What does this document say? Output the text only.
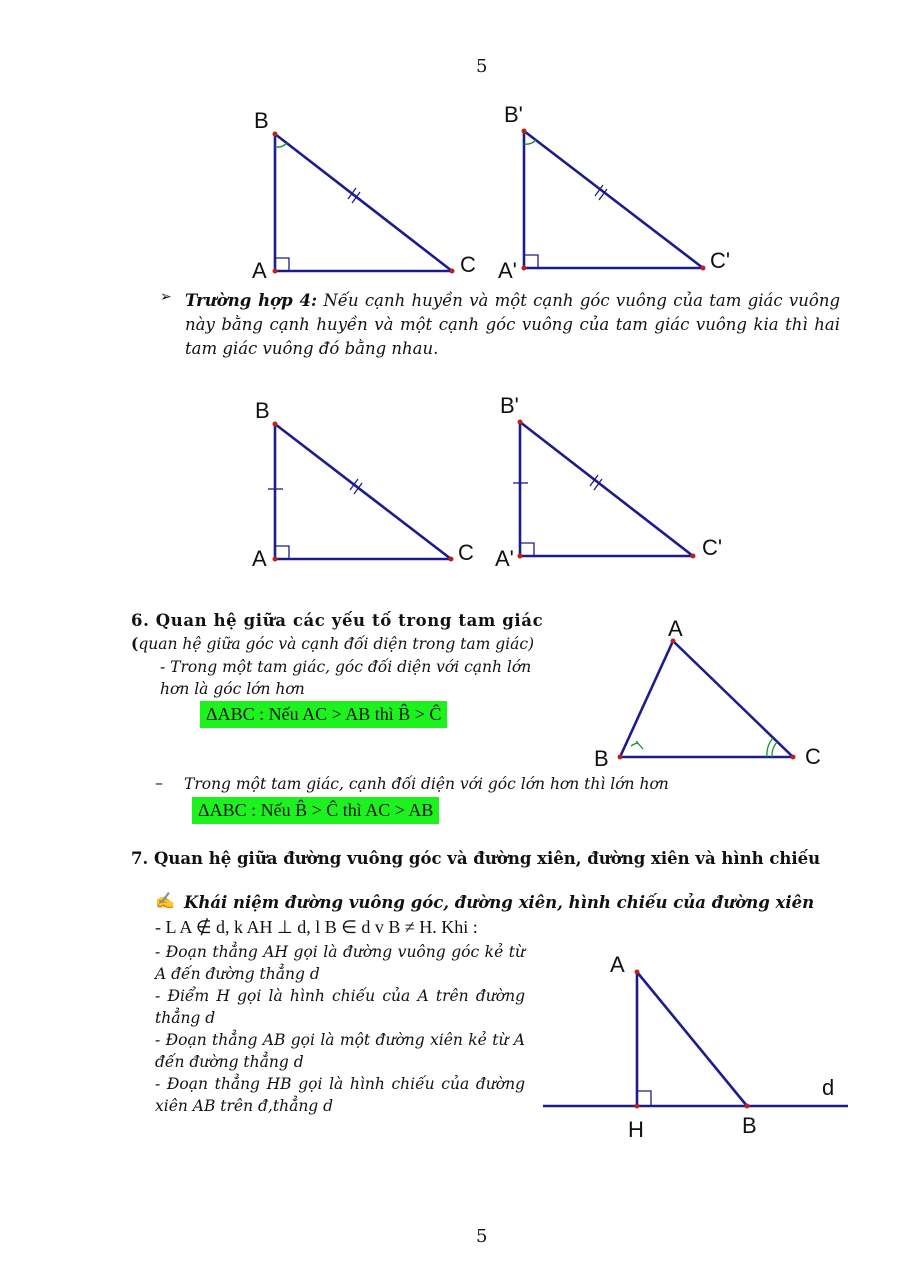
5
5
B
A	C
B'
A'	C'
B
A	C
B'
A'	C'
A
B	C
A
H	B
d
➢ Trường hợp 4: Nếu cạnh huyền và một cạnh góc vuông của tam giác vuông này bằng cạnh huyền và một cạnh góc vuông của tam giác vuông kia thì hai tam giác vuông đó bằng nhau.
6. Quan hệ giữa các yếu tố trong tam giác
(quan hệ giữa góc và cạnh đối diện trong tam giác)
- Trong một tam giác, góc đối diện với cạnh lớn
hơn là góc lớn hơn
ΔABC : Nếu AC > AB thì B̂ > Ĉ
– Trong một tam giác, cạnh đối diện với góc lớn hơn thì lớn hơn
ΔABC : Nếu B̂ > Ĉ thì AC > AB
7. Quan hệ giữa đường vuông góc và đường xiên, đường xiên và hình chiếu
✍ Khái niệm đường vuông góc, đường xiên, hình chiếu của đường xiên
- L A ∉ d, k AH ⊥ d, l B ∈ d v B ≠ H. Khi :
- Đoạn thẳng AH gọi là đường vuông góc kẻ từ A đến đường thẳng d
- Điểm H gọi là hình chiếu của A trên đường thẳng d
- Đoạn thẳng AB gọi là một đường xiên kẻ từ A đến đường thẳng d
- Đoạn thẳng HB gọi là hình chiếu của đường xiên AB trên đ,thẳng d
